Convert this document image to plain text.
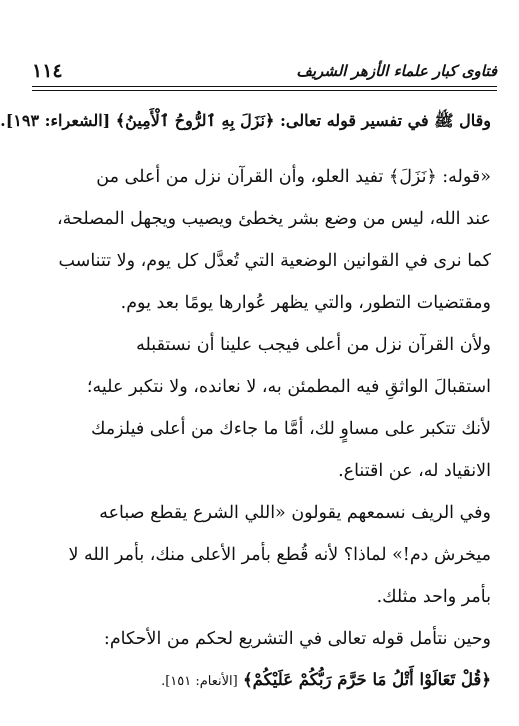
١١٤	فتاوى كبار علماء الأزهر الشريف

وقال ﷺ في تفسير قوله تعالى: ﴿نَزَلَ بِهِ ٱلرُّوحُ ٱلْأَمِينُ﴾ [الشعراء: ١٩٣].

«قوله: ﴿نَزَلَ﴾ تفيد العلو، وأن القرآن نزل من أعلى من
عند الله، ليس من وضع بشر يخطئ ويصيب ويجهل المصلحة،
كما نرى في القوانين الوضعية التي تُعدَّل كل يوم، ولا تتناسب
ومقتضيات التطور، والتي يظهر عُوارها يومًا بعد يوم.

ولأن القرآن نزل من أعلى فيجب علينا أن نستقبله
استقبالَ الواثقِ فيه المطمئن به، لا نعانده، ولا نتكبر عليه؛
لأنك تتكبر على مساوٍ لك، أمَّا ما جاءك من أعلى فيلزمك
الانقياد له، عن اقتناع.

وفي الريف نسمعهم يقولون «اللي الشرع يقطع صباعه
ميخرش دم!» لماذا؟ لأنه قُطع بأمر الأعلى منك، بأمر الله لا
بأمر واحد مثلك.

وحين نتأمل قوله تعالى في التشريع لحكم من الأحكام:

﴿قُلْ تَعَالَوْا أَتْلُ مَا حَرَّمَ رَبُّكُمْ عَلَيْكُمْ﴾ [الأنعام: ١٥١].
